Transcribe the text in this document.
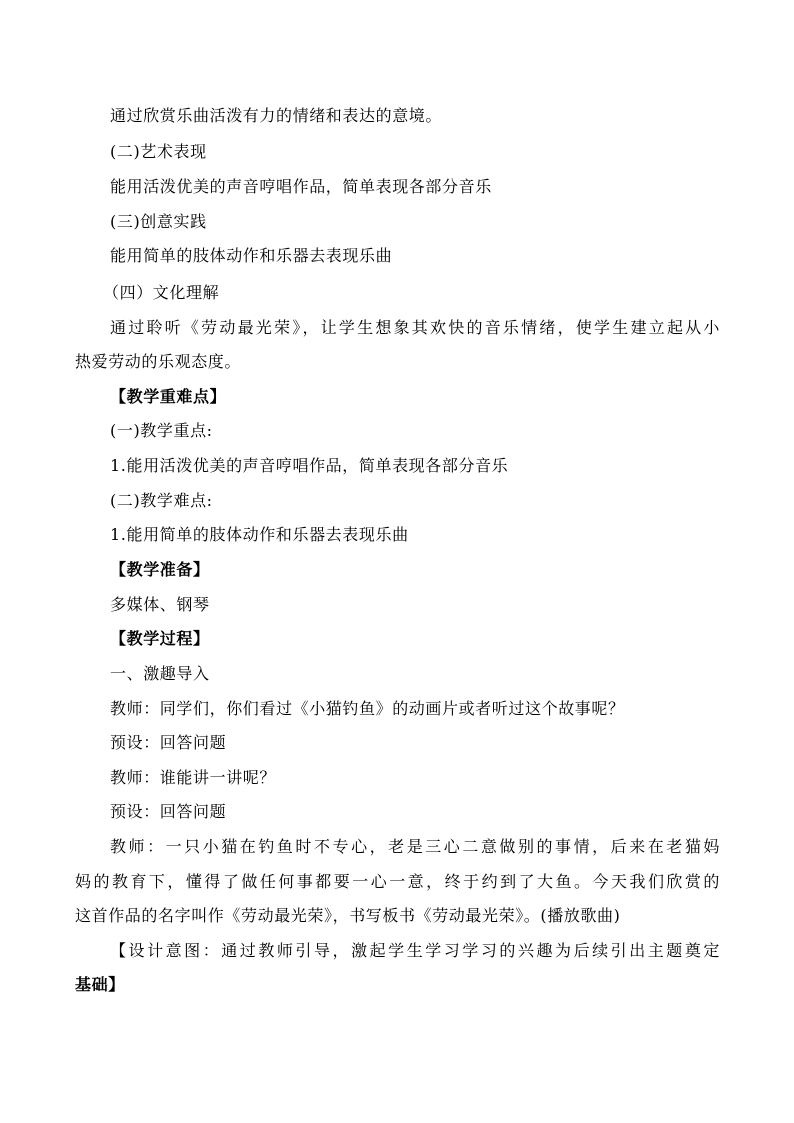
通过欣赏乐曲活泼有力的情绪和表达的意境。
(二)艺术表现
能用活泼优美的声音哼唱作品，简单表现各部分音乐
(三)创意实践
能用简单的肢体动作和乐器去表现乐曲
（四）文化理解
通过聆听《劳动最光荣》，让学生想象其欢快的音乐情绪，使学生建立起从小
热爱劳动的乐观态度。
【教学重难点】
(一)教学重点:
1.能用活泼优美的声音哼唱作品，简单表现各部分音乐
(二)教学难点:
1.能用简单的肢体动作和乐器去表现乐曲
【教学准备】
多媒体、钢琴
【教学过程】
一、激趣导入
教师：同学们，你们看过《小猫钓鱼》的动画片或者听过这个故事呢？
预设：回答问题
教师：谁能讲一讲呢？
预设：回答问题
教师：一只小猫在钓鱼时不专心，老是三心二意做别的事情，后来在老猫妈
妈的教育下，懂得了做任何事都要一心一意，终于约到了大鱼。今天我们欣赏的
这首作品的名字叫作《劳动最光荣》，书写板书《劳动最光荣》。(播放歌曲)
【设计意图：通过教师引导，激起学生学习学习的兴趣为后续引出主题奠定
基础】
